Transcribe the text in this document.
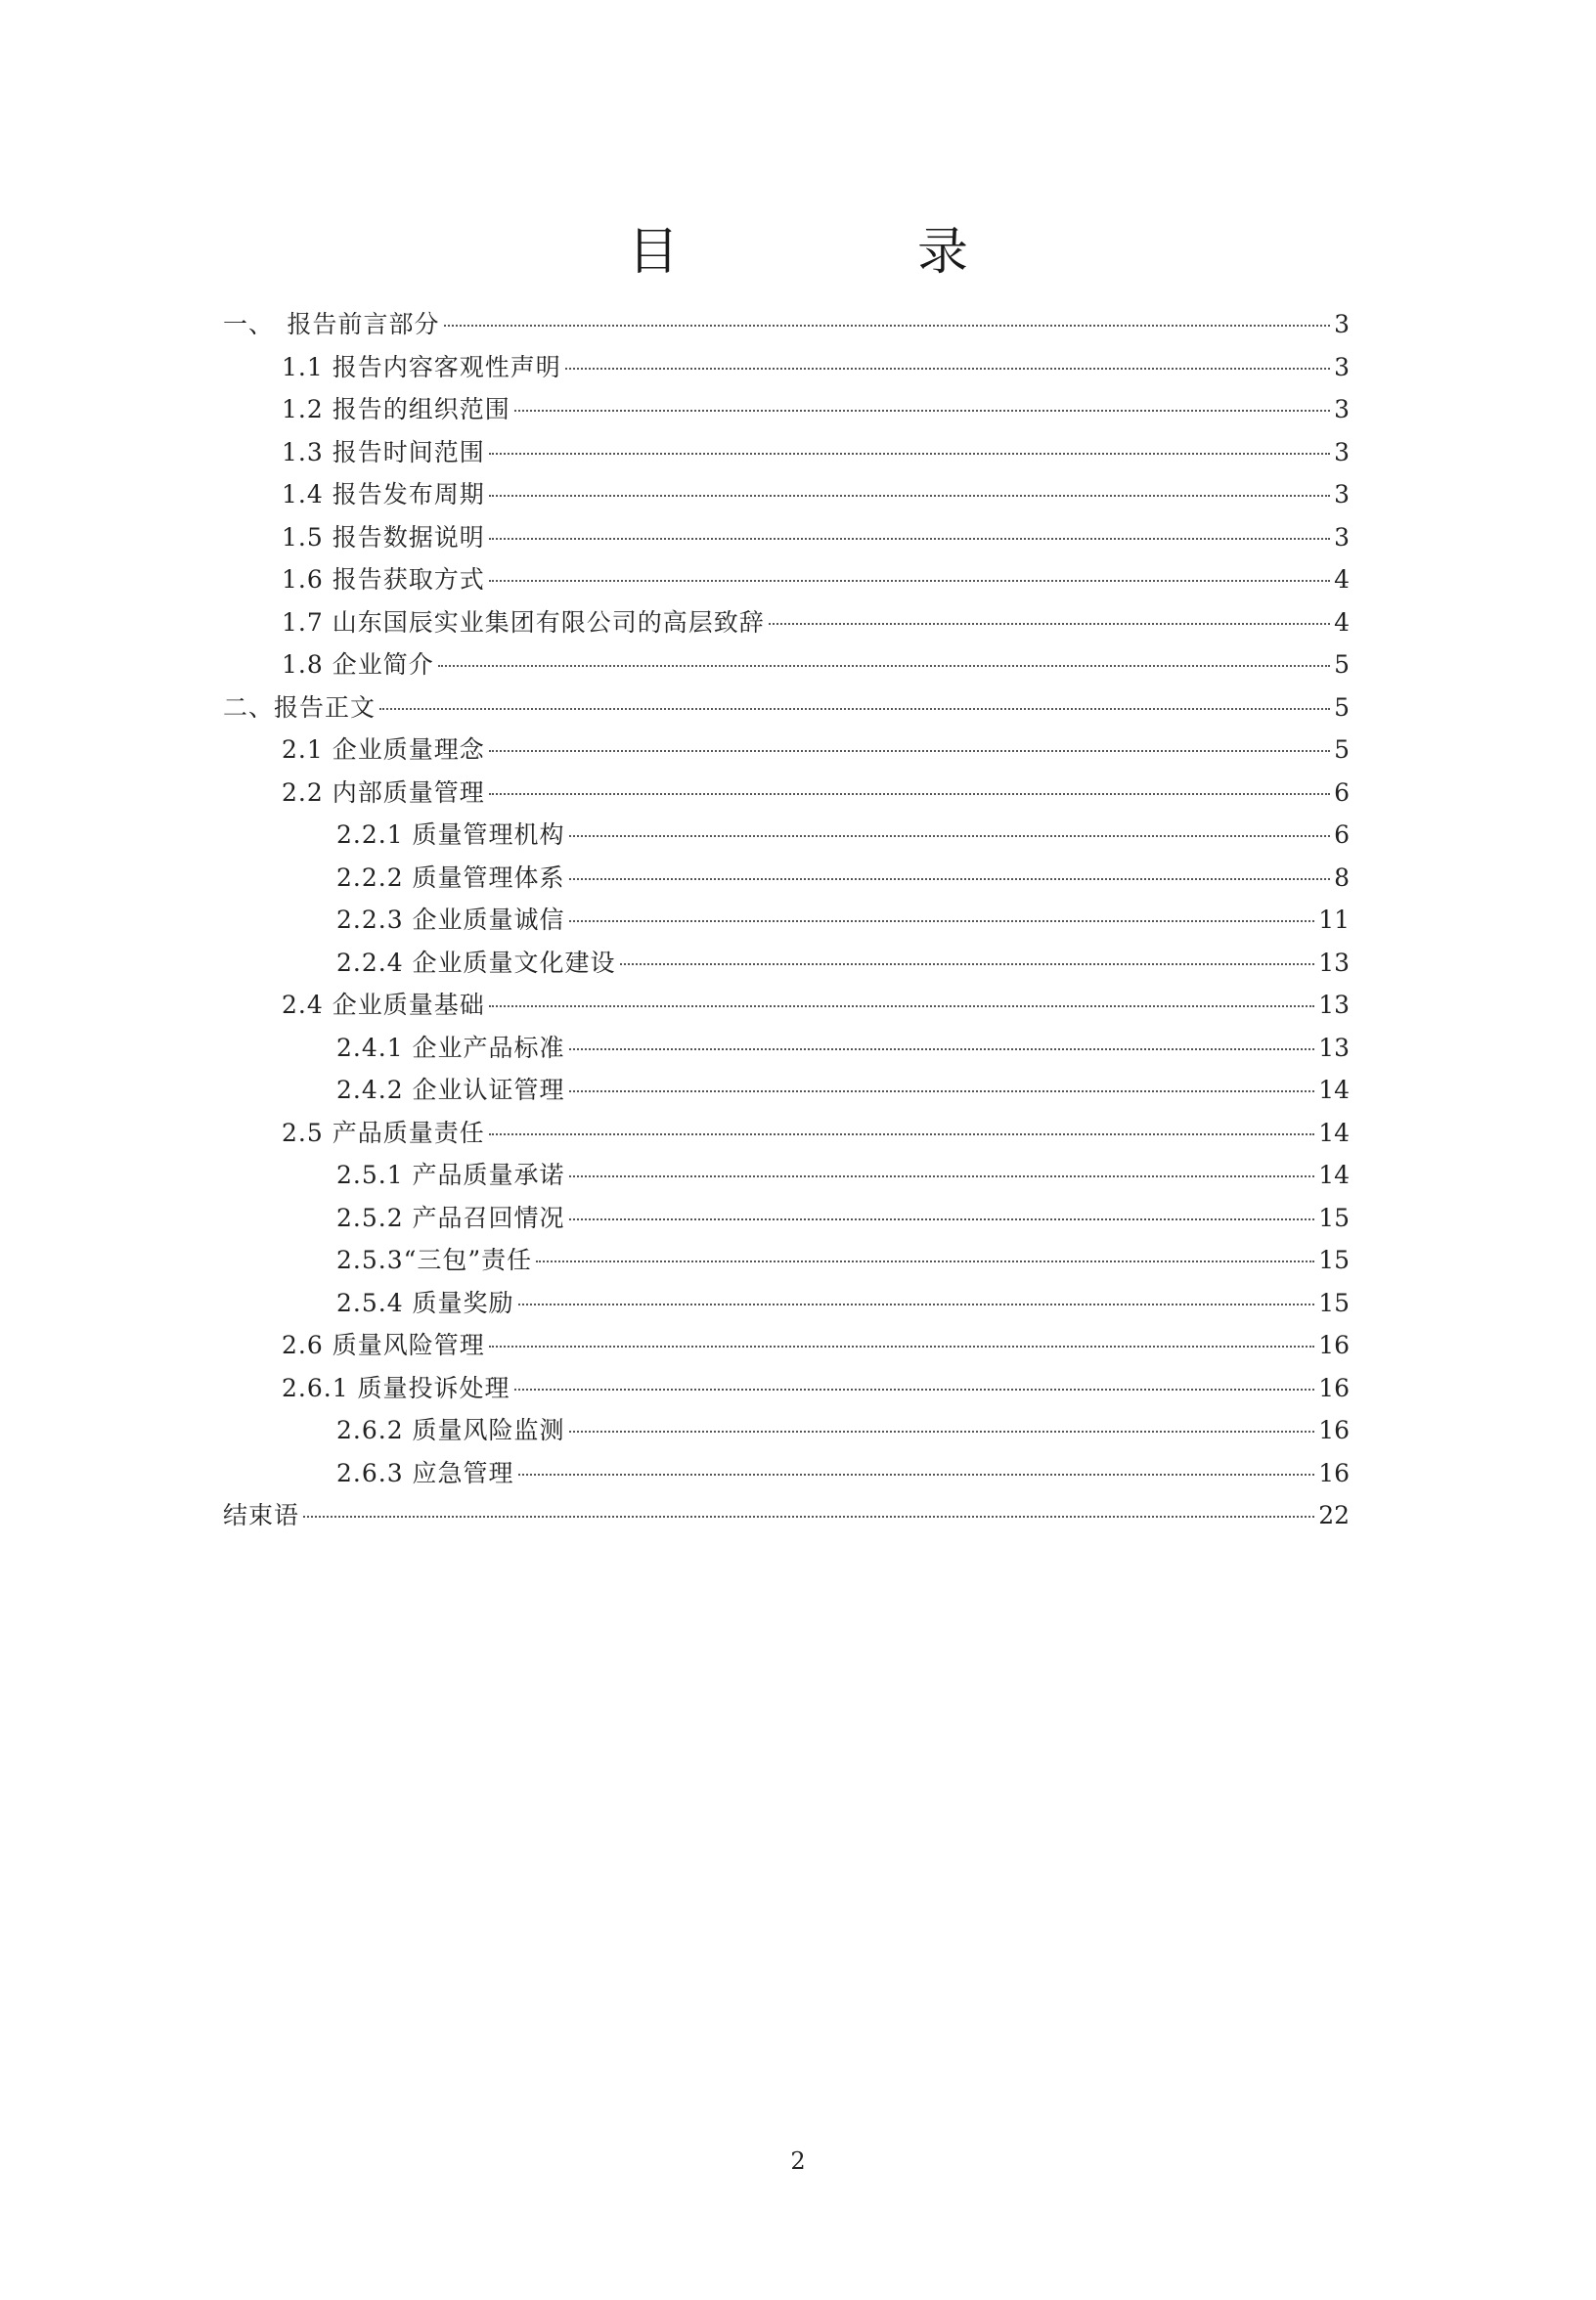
目　录
一、　报告前言部分	3
1.1 报告内容客观性声明	3
1.2 报告的组织范围	3
1.3 报告时间范围	3
1.4 报告发布周期	3
1.5 报告数据说明	3
1.6 报告获取方式	4
1.7 山东国辰实业集团有限公司的高层致辞	4
1.8 企业简介	5
二、报告正文	5
2.1 企业质量理念	5
2.2 内部质量管理	6
2.2.1 质量管理机构	6
2.2.2 质量管理体系	8
2.2.3 企业质量诚信	11
2.2.4 企业质量文化建设	13
2.4 企业质量基础	13
2.4.1 企业产品标准	13
2.4.2 企业认证管理	14
2.5 产品质量责任	14
2.5.1 产品质量承诺	14
2.5.2 产品召回情况	15
2.5.3“三包”责任	15
2.5.4 质量奖励	15
2.6 质量风险管理	16
2.6.1 质量投诉处理	16
2.6.2 质量风险监测	16
2.6.3 应急管理	16
结束语	22
2
